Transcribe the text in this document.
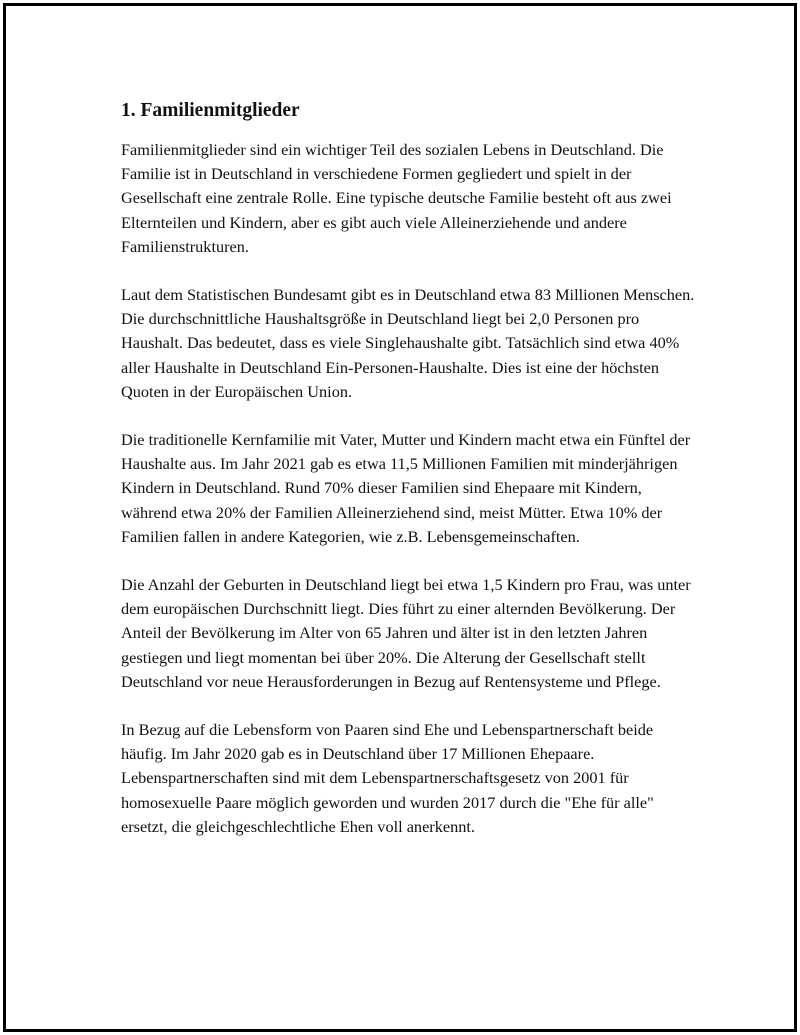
1. Familienmitglieder

Familienmitglieder sind ein wichtiger Teil des sozialen Lebens in Deutschland. Die Familie ist in Deutschland in verschiedene Formen gegliedert und spielt in der Gesellschaft eine zentrale Rolle. Eine typische deutsche Familie besteht oft aus zwei Elternteilen und Kindern, aber es gibt auch viele Alleinerziehende und andere Familienstrukturen.

Laut dem Statistischen Bundesamt gibt es in Deutschland etwa 83 Millionen Menschen. Die durchschnittliche Haushaltsgröße in Deutschland liegt bei 2,0 Personen pro Haushalt. Das bedeutet, dass es viele Singlehaushalte gibt. Tatsächlich sind etwa 40% aller Haushalte in Deutschland Ein-Personen-Haushalte. Dies ist eine der höchsten Quoten in der Europäischen Union.

Die traditionelle Kernfamilie mit Vater, Mutter und Kindern macht etwa ein Fünftel der Haushalte aus. Im Jahr 2021 gab es etwa 11,5 Millionen Familien mit minderjährigen Kindern in Deutschland. Rund 70% dieser Familien sind Ehepaare mit Kindern, während etwa 20% der Familien Alleinerziehend sind, meist Mütter. Etwa 10% der Familien fallen in andere Kategorien, wie z.B. Lebensgemeinschaften.

Die Anzahl der Geburten in Deutschland liegt bei etwa 1,5 Kindern pro Frau, was unter dem europäischen Durchschnitt liegt. Dies führt zu einer alternden Bevölkerung. Der Anteil der Bevölkerung im Alter von 65 Jahren und älter ist in den letzten Jahren gestiegen und liegt momentan bei über 20%. Die Alterung der Gesellschaft stellt Deutschland vor neue Herausforderungen in Bezug auf Rentensysteme und Pflege.

In Bezug auf die Lebensform von Paaren sind Ehe und Lebenspartnerschaft beide häufig. Im Jahr 2020 gab es in Deutschland über 17 Millionen Ehepaare. Lebenspartnerschaften sind mit dem Lebenspartnerschaftsgesetz von 2001 für homosexuelle Paare möglich geworden und wurden 2017 durch die "Ehe für alle" ersetzt, die gleichgeschlechtliche Ehen voll anerkennt.
